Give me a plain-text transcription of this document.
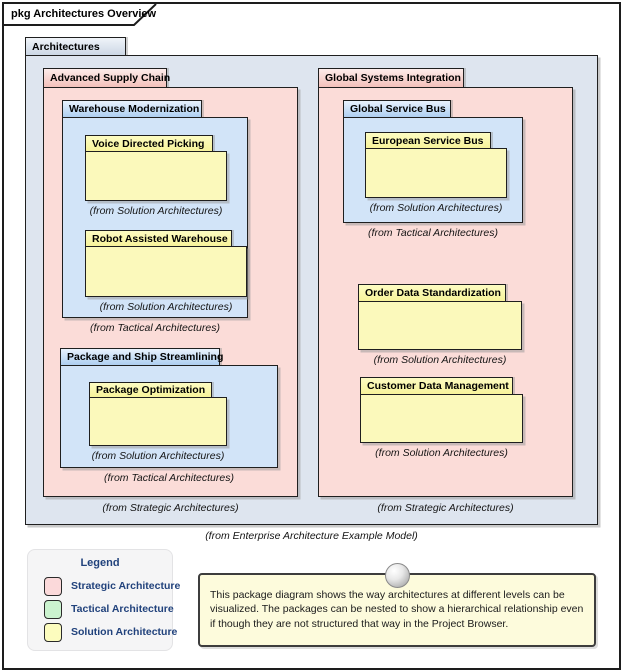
pkg Architectures Overview
Architectures
Advanced Supply Chain	Global Systems Integration
Warehouse Modernization
Voice Directed Picking
(from Solution Architectures)
Robot Assisted Warehouse
(from Solution Architectures)
(from Tactical Architectures)
Package and Ship Streamlining
Package Optimization
(from Solution Architectures)
(from Tactical Architectures)
(from Strategic Architectures)
Global Service Bus
European Service Bus
(from Solution Architectures)
(from Tactical Architectures)
Order Data Standardization
(from Solution Architectures)
Customer Data Management
(from Solution Architectures)
(from Strategic Architectures)
(from Enterprise Architecture Example Model)
Legend
Strategic Architecture
Tactical Architecture
Solution Architecture
This package diagram shows the way architectures at different levels can be visualized. The packages can be nested to show a hierarchical relationship even if though they are not structured that way in the Project Browser.
